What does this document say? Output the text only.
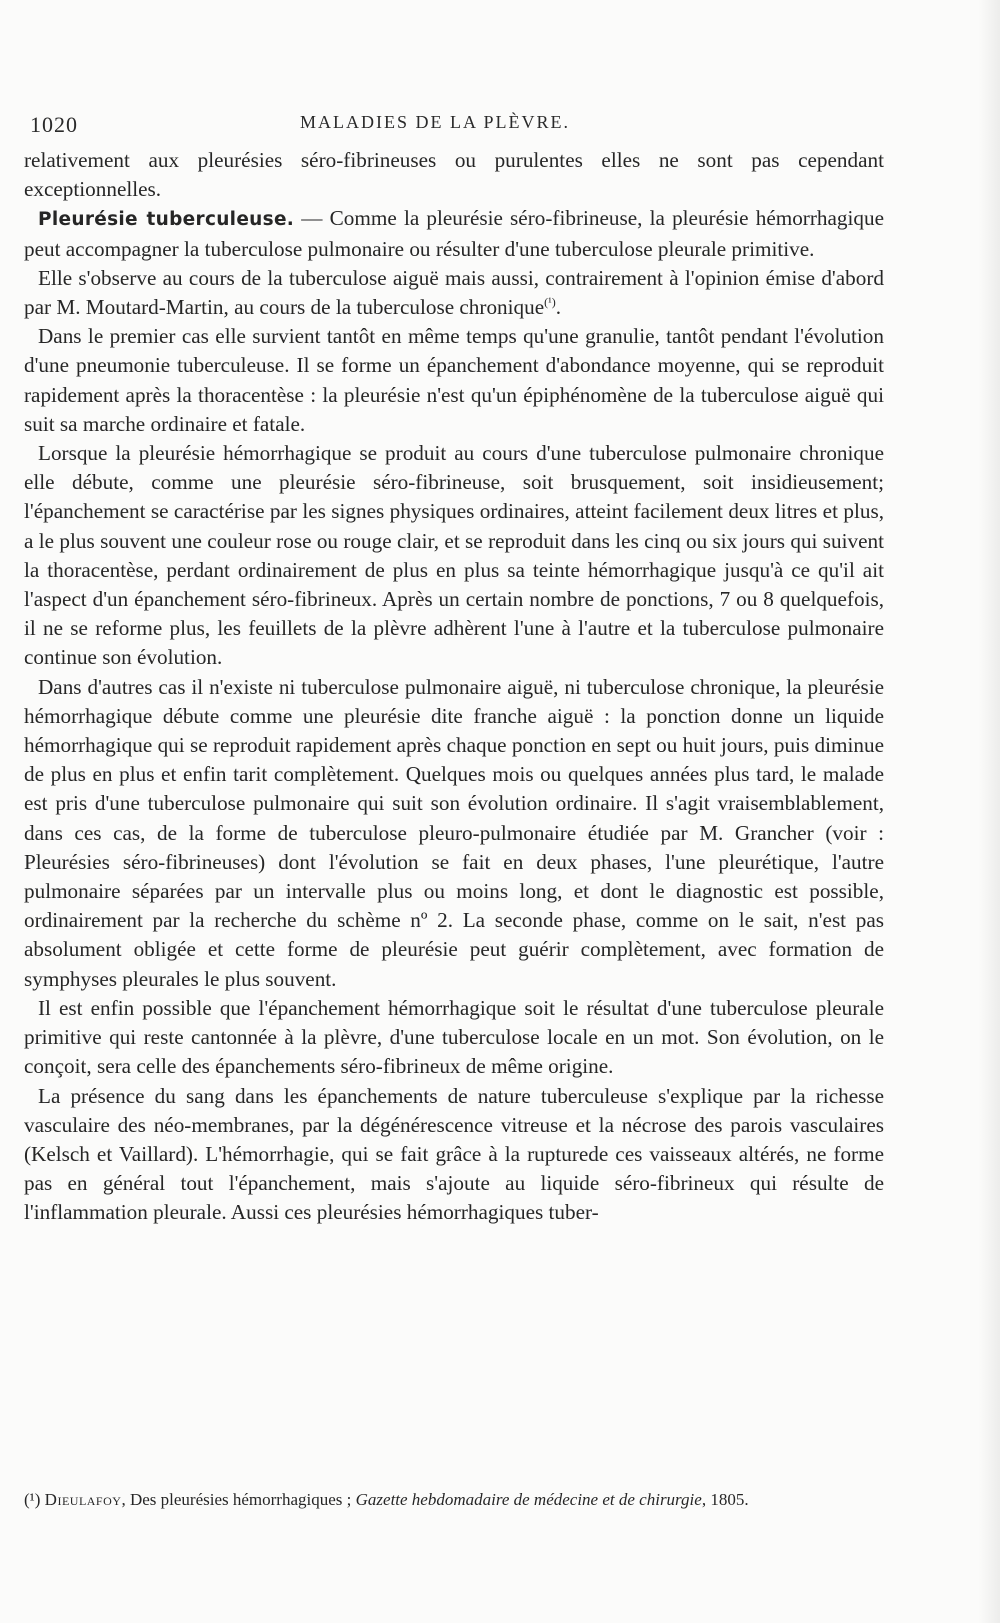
1020	MALADIES DE LA PLÈVRE.

relativement aux pleurésies séro-fibrineuses ou purulentes elles ne sont pas cependant exceptionnelles.

Pleurésie tuberculeuse. — Comme la pleurésie séro-fibrineuse, la pleurésie hémorrhagique peut accompagner la tuberculose pulmonaire ou résulter d'une tuberculose pleurale primitive.

Elle s'observe au cours de la tuberculose aiguë mais aussi, contrairement à l'opinion émise d'abord par M. Moutard-Martin, au cours de la tuberculose chronique$^{(^1)}$.

Dans le premier cas elle survient tantôt en même temps qu'une granulie, tantôt pendant l'évolution d'une pneumonie tuberculeuse. Il se forme un épanchement d'abondance moyenne, qui se reproduit rapidement après la thoracentèse : la pleurésie n'est qu'un épiphénomène de la tuberculose aiguë qui suit sa marche ordinaire et fatale.

Lorsque la pleurésie hémorrhagique se produit au cours d'une tuberculose pulmonaire chronique elle débute, comme une pleurésie séro-fibrineuse, soit brusquement, soit insidieusement; l'épanchement se caractérise par les signes physiques ordinaires, atteint facilement deux litres et plus, a le plus souvent une couleur rose ou rouge clair, et se reproduit dans les cinq ou six jours qui suivent la thoracentèse, perdant ordinairement de plus en plus sa teinte hémorrhagique jusqu'à ce qu'il ait l'aspect d'un épanchement séro-fibrineux. Après un certain nombre de ponctions, 7 ou 8 quelquefois, il ne se reforme plus, les feuillets de la plèvre adhèrent l'une à l'autre et la tuberculose pulmonaire continue son évolution.

Dans d'autres cas il n'existe ni tuberculose pulmonaire aiguë, ni tuberculose chronique, la pleurésie hémorrhagique débute comme une pleurésie dite franche aiguë : la ponction donne un liquide hémorrhagique qui se reproduit rapidement après chaque ponction en sept ou huit jours, puis diminue de plus en plus et enfin tarit complètement. Quelques mois ou quelques années plus tard, le malade est pris d'une tuberculose pulmonaire qui suit son évolution ordinaire. Il s'agit vraisemblablement, dans ces cas, de la forme de tuberculose pleuro-pulmonaire étudiée par M. Grancher (voir : Pleurésies séro-fibrineuses) dont l'évolution se fait en deux phases, l'une pleurétique, l'autre pulmonaire séparées par un intervalle plus ou moins long, et dont le diagnostic est possible, ordinairement par la recherche du schème nº 2. La seconde phase, comme on le sait, n'est pas absolument obligée et cette forme de pleurésie peut guérir complètement, avec formation de symphyses pleurales le plus souvent.

Il est enfin possible que l'épanchement hémorrhagique soit le résultat d'une tuberculose pleurale primitive qui reste cantonnée à la plèvre, d'une tuberculose locale en un mot. Son évolution, on le conçoit, sera celle des épanchements séro-fibrineux de même origine.

La présence du sang dans les épanchements de nature tuberculeuse s'explique par la richesse vasculaire des néo-membranes, par la dégénérescence vitreuse et la nécrose des parois vasculaires (Kelsch et Vaillard). L'hémorrhagie, qui se fait grâce à la rupturede ces vaisseaux altérés, ne forme pas en général tout l'épanchement, mais s'ajoute au liquide séro-fibrineux qui résulte de l'inflammation pleurale. Aussi ces pleurésies hémorrhagiques tuber-

(¹) Dieulafoy, Des pleurésies hémorrhagiques ; Gazette hebdomadaire de médecine et de chirurgie, 1805.
